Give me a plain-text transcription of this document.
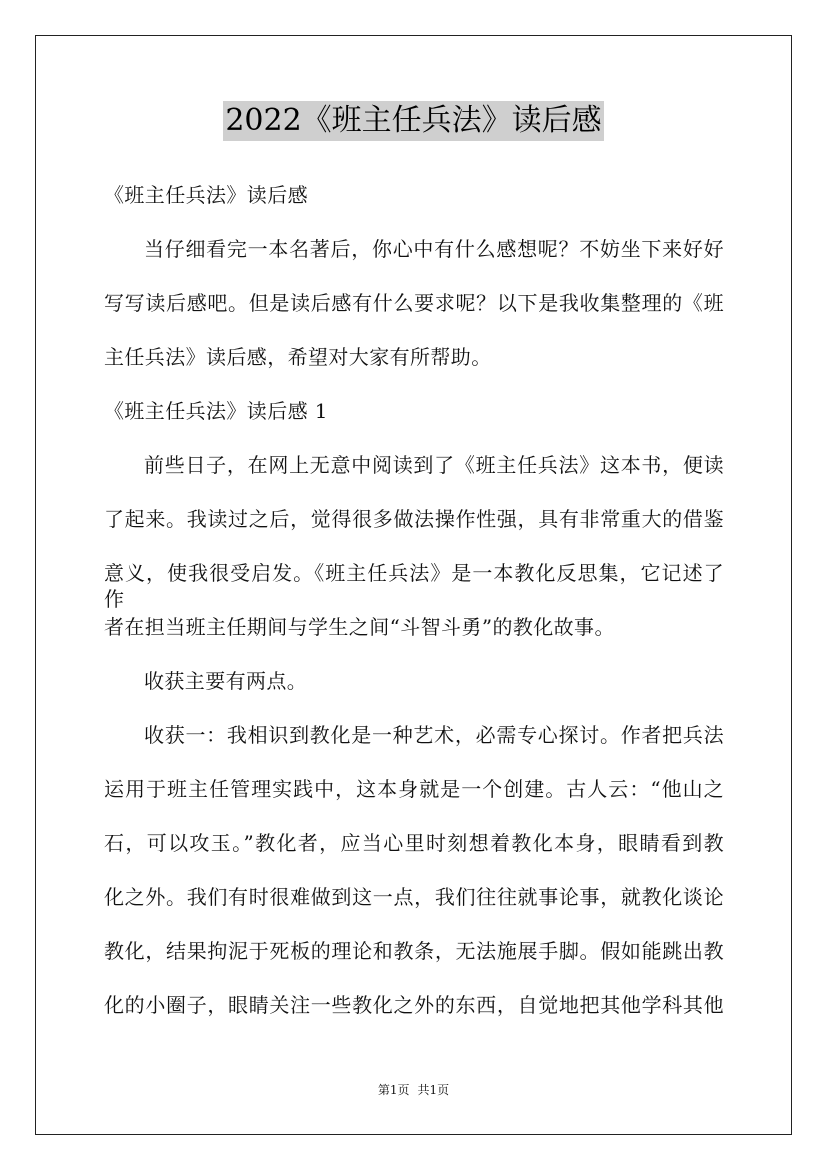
2022《班主任兵法》读后感
《班主任兵法》读后感
当仔细看完一本名著后，你心中有什么感想呢？不妨坐下来好好
写写读后感吧。但是读后感有什么要求呢？以下是我收集整理的《班
主任兵法》读后感，希望对大家有所帮助。
《班主任兵法》读后感 1
前些日子，在网上无意中阅读到了《班主任兵法》这本书，便读
了起来。我读过之后，觉得很多做法操作性强，具有非常重大的借鉴
意义，使我很受启发。《班主任兵法》是一本教化反思集，它记述了作
者在担当班主任期间与学生之间“斗智斗勇”的教化故事。
收获主要有两点。
收获一：我相识到教化是一种艺术，必需专心探讨。作者把兵法
运用于班主任管理实践中，这本身就是一个创建。古人云：“他山之
石，可以攻玉。”教化者，应当心里时刻想着教化本身，眼睛看到教
化之外。我们有时很难做到这一点，我们往往就事论事，就教化谈论
教化，结果拘泥于死板的理论和教条，无法施展手脚。假如能跳出教
化的小圈子，眼睛关注一些教化之外的东西，自觉地把其他学科其他
第1页 共1页
